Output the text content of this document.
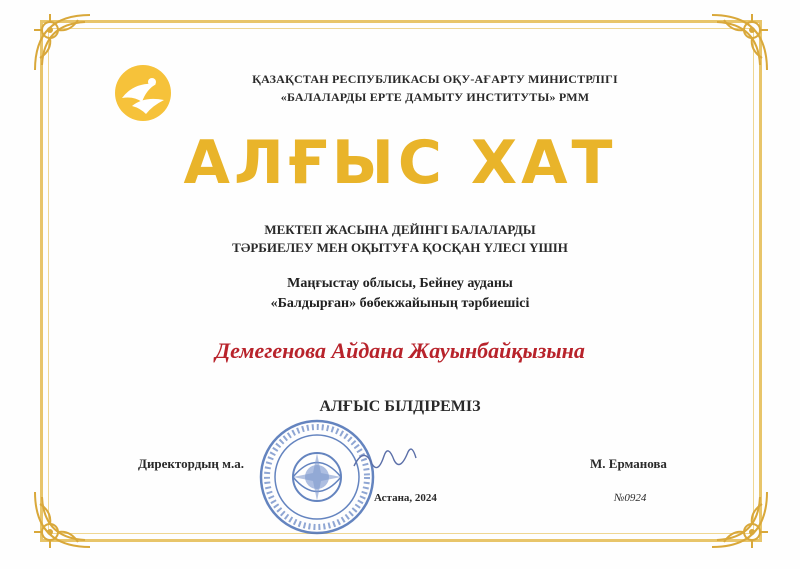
ҚАЗАҚСТАН РЕСПУБЛИКАСЫ ОҚУ-АҒАРТУ МИНИСТРЛІГІ
«БАЛАЛАРДЫ ЕРТЕ ДАМЫТУ ИНСТИТУТЫ» РММ
АЛҒЫС ХАТ
МЕКТЕП ЖАСЫНА ДЕЙІНГІ БАЛАЛАРДЫ
ТӘРБИЕЛЕУ МЕН ОҚЫТУҒА ҚОСҚАН ҮЛЕСІ ҮШІН
Маңғыстау облысы, Бейнеу ауданы
«Балдырған» бөбекжайының тәрбиешісі
Демегенова Айдана Жауынбайқызына
АЛҒЫС БІЛДІРЕМІЗ
Директордың м.а.	М. Ерманова
Астана, 2024	№0924
